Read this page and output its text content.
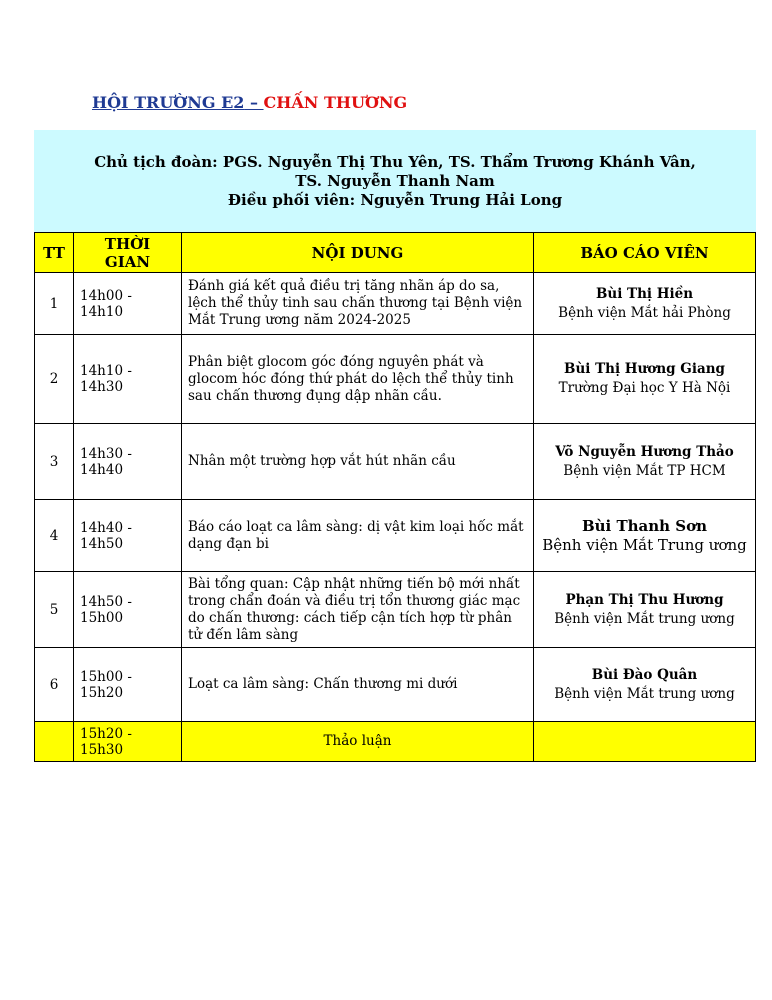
HỘI TRƯỜNG E2 – CHẤN THƯƠNG
Chủ tịch đoàn: PGS. Nguyễn Thị Thu Yên, TS. Thẩm Trương Khánh Vân,
TS. Nguyễn Thanh Nam
Điều phối viên: Nguyễn Trung Hải Long			

TT	THỜI GIAN	NỘI DUNG	BÁO CÁO VIÊN
1	14h00 - 14h10	Đánh giá kết quả điều trị tăng nhãn áp do sa, lệch thể thủy tinh sau chấn thương tại Bệnh viện Mắt Trung ương năm 2024-2025	Bùi Thị Hiền
Bệnh viện Mắt hải Phòng

2	14h10 - 14h30	Phân biệt glocom góc đóng nguyên phát và glocom hóc đóng thứ phát do lệch thể thủy tinh sau chấn thương đụng dập nhãn cầu.	Bùi Thị Hương Giang
Trường Đại học Y Hà Nội

3	14h30 - 14h40	Nhân một trường hợp vắt hút nhãn cầu	Võ Nguyễn Hương Thảo
Bệnh viện Mắt TP HCM

4	14h40 - 14h50	Báo cáo loạt ca lâm sàng: dị vật kim loại hốc mắt dạng đạn bi	Bùi Thanh Sơn
Bệnh viện Mắt Trung ương

5	14h50 - 15h00	Bài tổng quan: Cập nhật những tiến bộ mới nhất trong chẩn đoán và điều trị tổn thương giác mạc do chấn thương: cách tiếp cận tích hợp từ phân tử đến lâm sàng	Phạn Thị Thu Hương
Bệnh viện Mắt trung ương

6	15h00 - 15h20	Loạt ca lâm sàng: Chấn thương mi dưới	Bùi Đào Quân
Bệnh viện Mắt trung ương

	15h20 - 15h30	Thảo luận	
